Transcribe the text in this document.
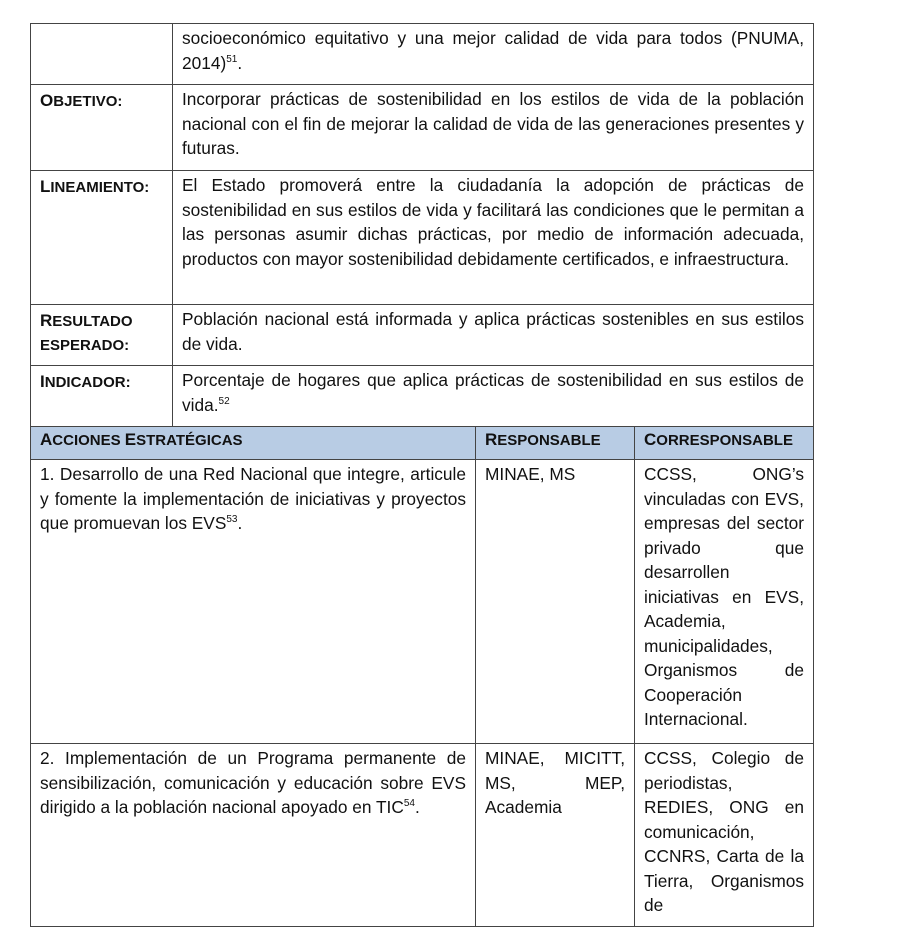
	socioeconómico equitativo y una mejor calidad de vida para todos (PNUMA, 2014)$^{51}$.		
OBJETIVO:	Incorporar prácticas de sostenibilidad en los estilos de vida de la población nacional con el fin de mejorar la calidad de vida de las generaciones presentes y futuras.		
LINEAMIENTO:	El Estado promoverá entre la ciudadanía la adopción de prácticas de sostenibilidad en sus estilos de vida y facilitará las condiciones que le permitan a las personas asumir dichas prácticas, por medio de información adecuada, productos con mayor sostenibilidad debidamente certificados, e infraestructura.		
RESULTADO ESPERADO:	Población nacional está informada y aplica prácticas sostenibles en sus estilos de vida.		
INDICADOR:	Porcentaje de hogares que aplica prácticas de sostenibilidad en sus estilos de vida.$^{52}$
ACCIONES ESTRATÉGICAS		RESPONSABLE	CORRESPONSABLE
1. Desarrollo de una Red Nacional que integre, articule y fomente la implementación de iniciativas y proyectos que promuevan los EVS$^{53}$.		MINAE, MS	CCSS, ONG’s vinculadas con EVS, empresas del sector privado que desarrollen iniciativas en EVS, Academia, municipalidades, Organismos de Cooperación Internacional.
2. Implementación de un Programa permanente de sensibilización, comunicación y educación sobre EVS dirigido a la población nacional apoyado en TIC$^{54}$.		MINAE, MICITT, MS, MEP, Academia	CCSS, Colegio de periodistas, REDIES, ONG en comunicación, CCNRS, Carta de la Tierra, Organismos de
